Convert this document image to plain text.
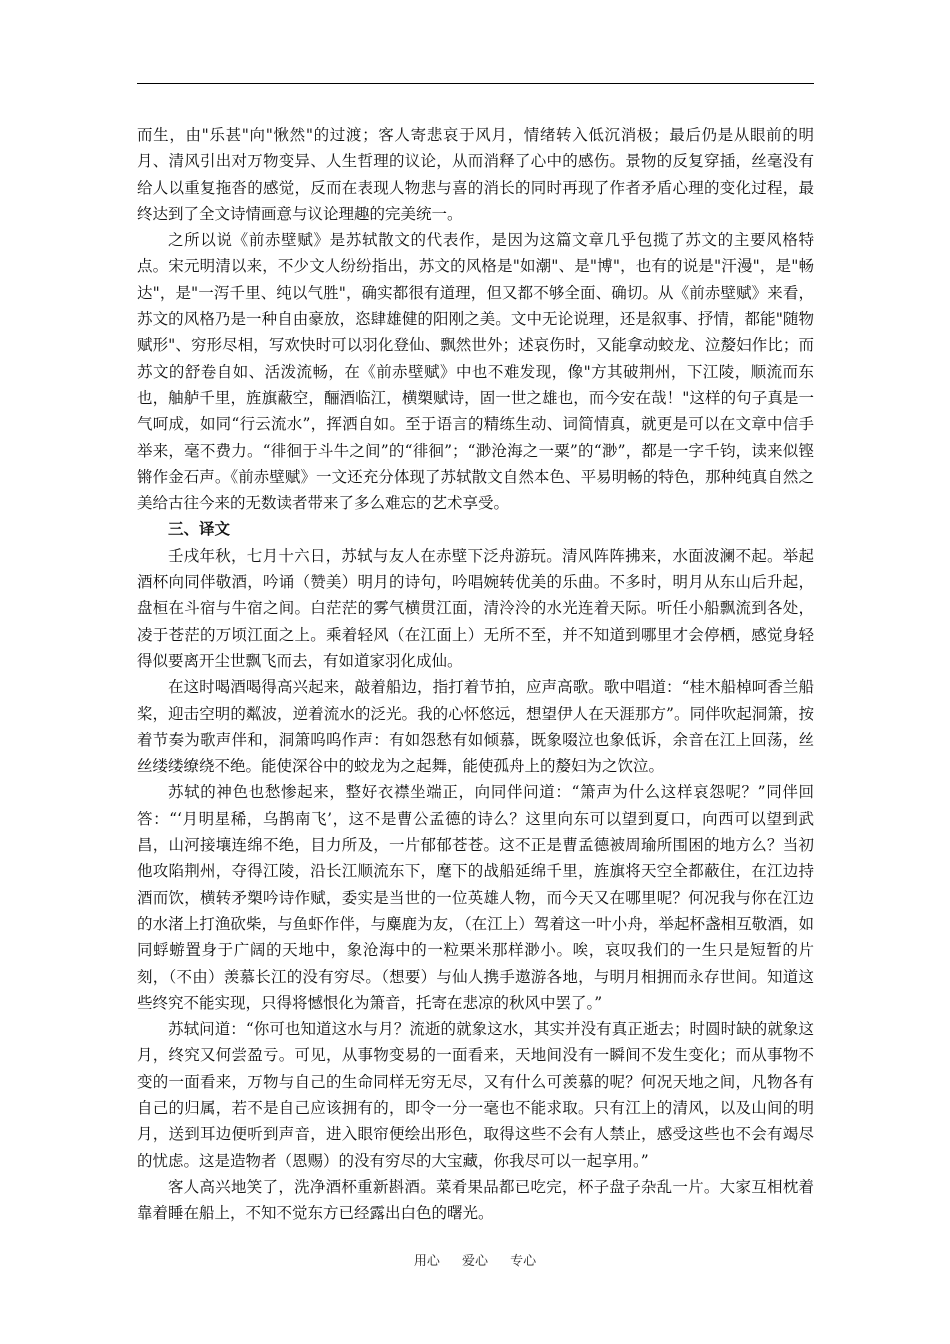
而生，由"乐甚"向"愀然"的过渡；客人寄悲哀于风月，情绪转入低沉消极；最后仍是从眼前的明月、清风引出对万物变异、人生哲理的议论，从而消释了心中的感伤。景物的反复穿插，丝毫没有给人以重复拖沓的感觉，反而在表现人物悲与喜的消长的同时再现了作者矛盾心理的变化过程，最终达到了全文诗情画意与议论理趣的完美统一。

之所以说《前赤壁赋》是苏轼散文的代表作，是因为这篇文章几乎包揽了苏文的主要风格特点。宋元明清以来，不少文人纷纷指出，苏文的风格是"如潮"、是"博"，也有的说是"汗漫"，是"畅达"，是"一泻千里、纯以气胜"，确实都很有道理，但又都不够全面、确切。从《前赤壁赋》来看，苏文的风格乃是一种自由豪放，恣肆雄健的阳刚之美。文中无论说理，还是叙事、抒情，都能"随物赋形"、穷形尽相，写欢快时可以羽化登仙、飘然世外；述哀伤时，又能拿动蛟龙、泣嫠妇作比；而苏文的舒卷自如、活泼流畅，在《前赤壁赋》中也不难发现，像"方其破荆州，下江陵，顺流而东也，舳舻千里，旌旗蔽空，酾酒临江，横槊赋诗，固一世之雄也，而今安在哉！"这样的句子真是一气呵成，如同“行云流水”，挥洒自如。至于语言的精练生动、词简情真，就更是可以在文章中信手举来，毫不费力。“徘徊于斗牛之间”的“徘徊”；“渺沧海之一粟”的“渺”，都是一字千钧，读来似铿锵作金石声。《前赤壁赋》一文还充分体现了苏轼散文自然本色、平易明畅的特色，那种纯真自然之美给古往今来的无数读者带来了多么难忘的艺术享受。

三、译文

壬戌年秋，七月十六日，苏轼与友人在赤壁下泛舟游玩。清风阵阵拂来，水面波澜不起。举起酒杯向同伴敬酒，吟诵（赞美）明月的诗句，吟唱婉转优美的乐曲。不多时，明月从东山后升起，盘桓在斗宿与牛宿之间。白茫茫的雾气横贯江面，清泠泠的水光连着天际。听任小船飘流到各处，凌于苍茫的万顷江面之上。乘着轻风（在江面上）无所不至，并不知道到哪里才会停栖，感觉身轻得似要离开尘世飘飞而去，有如道家羽化成仙。

在这时喝酒喝得高兴起来，敲着船边，指打着节拍，应声高歌。歌中唱道：“桂木船棹呵香兰船桨，迎击空明的粼波，逆着流水的泛光。我的心怀悠远，想望伊人在天涯那方”。同伴吹起洞箫，按着节奏为歌声伴和，洞箫呜呜作声：有如怨愁有如倾慕，既象啜泣也象低诉，余音在江上回荡，丝丝缕缕缭绕不绝。能使深谷中的蛟龙为之起舞，能使孤舟上的嫠妇为之饮泣。

苏轼的神色也愁惨起来，整好衣襟坐端正，向同伴问道：“箫声为什么这样哀怨呢？”同伴回答：“‘月明星稀，乌鹊南飞’，这不是曹公孟德的诗么？这里向东可以望到夏口，向西可以望到武昌，山河接壤连绵不绝，目力所及，一片郁郁苍苍。这不正是曹孟德被周瑜所围困的地方么？当初他攻陷荆州，夺得江陵，沿长江顺流东下，麾下的战船延绵千里，旌旗将天空全都蔽住，在江边持酒而饮，横转矛槊吟诗作赋，委实是当世的一位英雄人物，而今天又在哪里呢？何况我与你在江边的水渚上打渔砍柴，与鱼虾作伴，与麋鹿为友，（在江上）驾着这一叶小舟，举起杯盏相互敬酒，如同蜉蝣置身于广阔的天地中，象沧海中的一粒栗米那样渺小。唉，哀叹我们的一生只是短暂的片刻，（不由）羡慕长江的没有穷尽。（想要）与仙人携手遨游各地，与明月相拥而永存世间。知道这些终究不能实现，只得将憾恨化为箫音，托寄在悲凉的秋风中罢了。”

苏轼问道：“你可也知道这水与月？流逝的就象这水，其实并没有真正逝去；时圆时缺的就象这月，终究又何尝盈亏。可见，从事物变易的一面看来，天地间没有一瞬间不发生变化；而从事物不变的一面看来，万物与自己的生命同样无穷无尽，又有什么可羡慕的呢？何况天地之间，凡物各有自己的归属，若不是自己应该拥有的，即令一分一毫也不能求取。只有江上的清风，以及山间的明月，送到耳边便听到声音，进入眼帘便绘出形色，取得这些不会有人禁止，感受这些也不会有竭尽的忧虑。这是造物者（恩赐）的没有穷尽的大宝藏，你我尽可以一起享用。”

客人高兴地笑了，洗净酒杯重新斟酒。菜肴果品都已吃完，杯子盘子杂乱一片。大家互相枕着靠着睡在船上，不知不觉东方已经露出白色的曙光。

用心 爱心 专心
